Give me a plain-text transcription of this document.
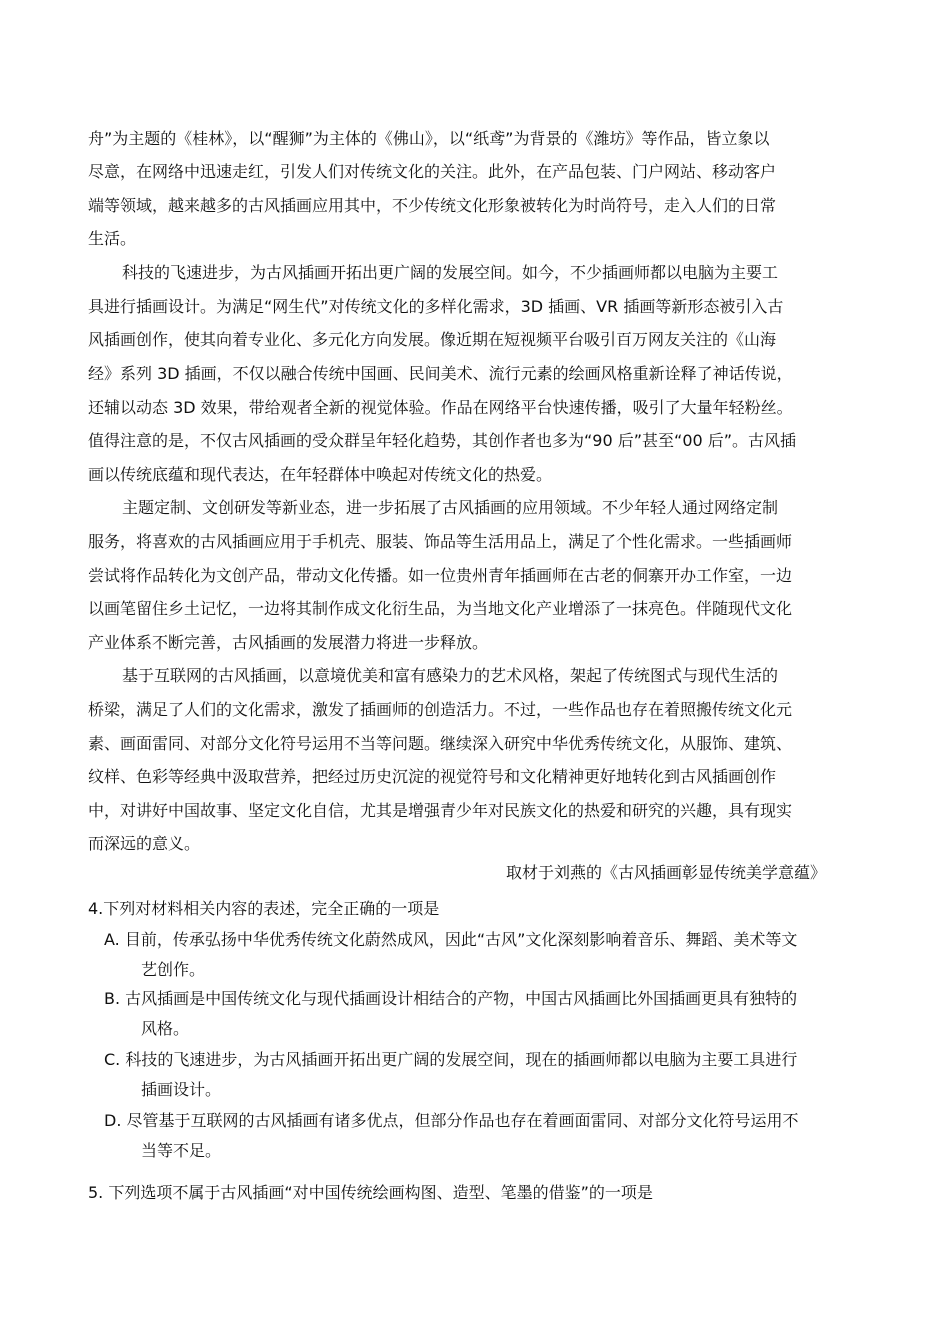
舟”为主题的《桂林》，以“醒狮”为主体的《佛山》，以“纸鸢”为背景的《潍坊》等作品，皆立象以
尽意，在网络中迅速走红，引发人们对传统文化的关注。此外，在产品包装、门户网站、移动客户
端等领域，越来越多的古风插画应用其中，不少传统文化形象被转化为时尚符号，走入人们的日常
生活。
科技的飞速进步，为古风插画开拓出更广阔的发展空间。如今，不少插画师都以电脑为主要工
具进行插画设计。为满足“网生代”对传统文化的多样化需求，3D 插画、VR 插画等新形态被引入古
风插画创作，使其向着专业化、多元化方向发展。像近期在短视频平台吸引百万网友关注的《山海
经》系列 3D 插画，不仅以融合传统中国画、民间美术、流行元素的绘画风格重新诠释了神话传说，
还辅以动态 3D 效果，带给观者全新的视觉体验。作品在网络平台快速传播，吸引了大量年轻粉丝。
值得注意的是，不仅古风插画的受众群呈年轻化趋势，其创作者也多为“90 后”甚至“00 后”。古风插
画以传统底蕴和现代表达，在年轻群体中唤起对传统文化的热爱。
主题定制、文创研发等新业态，进一步拓展了古风插画的应用领域。不少年轻人通过网络定制
服务，将喜欢的古风插画应用于手机壳、服装、饰品等生活用品上，满足了个性化需求。一些插画师
尝试将作品转化为文创产品，带动文化传播。如一位贵州青年插画师在古老的侗寨开办工作室，一边
以画笔留住乡土记忆，一边将其制作成文化衍生品，为当地文化产业增添了一抹亮色。伴随现代文化
产业体系不断完善，古风插画的发展潜力将进一步释放。
基于互联网的古风插画，以意境优美和富有感染力的艺术风格，架起了传统图式与现代生活的
桥梁，满足了人们的文化需求，激发了插画师的创造活力。不过，一些作品也存在着照搬传统文化元
素、画面雷同、对部分文化符号运用不当等问题。继续深入研究中华优秀传统文化，从服饰、建筑、
纹样、色彩等经典中汲取营养，把经过历史沉淀的视觉符号和文化精神更好地转化到古风插画创作
中，对讲好中国故事、坚定文化自信，尤其是增强青少年对民族文化的热爱和研究的兴趣，具有现实
而深远的意义。
取材于刘燕的《古风插画彰显传统美学意蕴》
4.下列对材料相关内容的表述，完全正确的一项是
A. 目前，传承弘扬中华优秀传统文化蔚然成风，因此“古风”文化深刻影响着音乐、舞蹈、美术等文
艺创作。
B. 古风插画是中国传统文化与现代插画设计相结合的产物，中国古风插画比外国插画更具有独特的
风格。
C. 科技的飞速进步，为古风插画开拓出更广阔的发展空间，现在的插画师都以电脑为主要工具进行
插画设计。
D. 尽管基于互联网的古风插画有诸多优点，但部分作品也存在着画面雷同、对部分文化符号运用不
当等不足。
5. 下列选项不属于古风插画“对中国传统绘画构图、造型、笔墨的借鉴”的一项是
